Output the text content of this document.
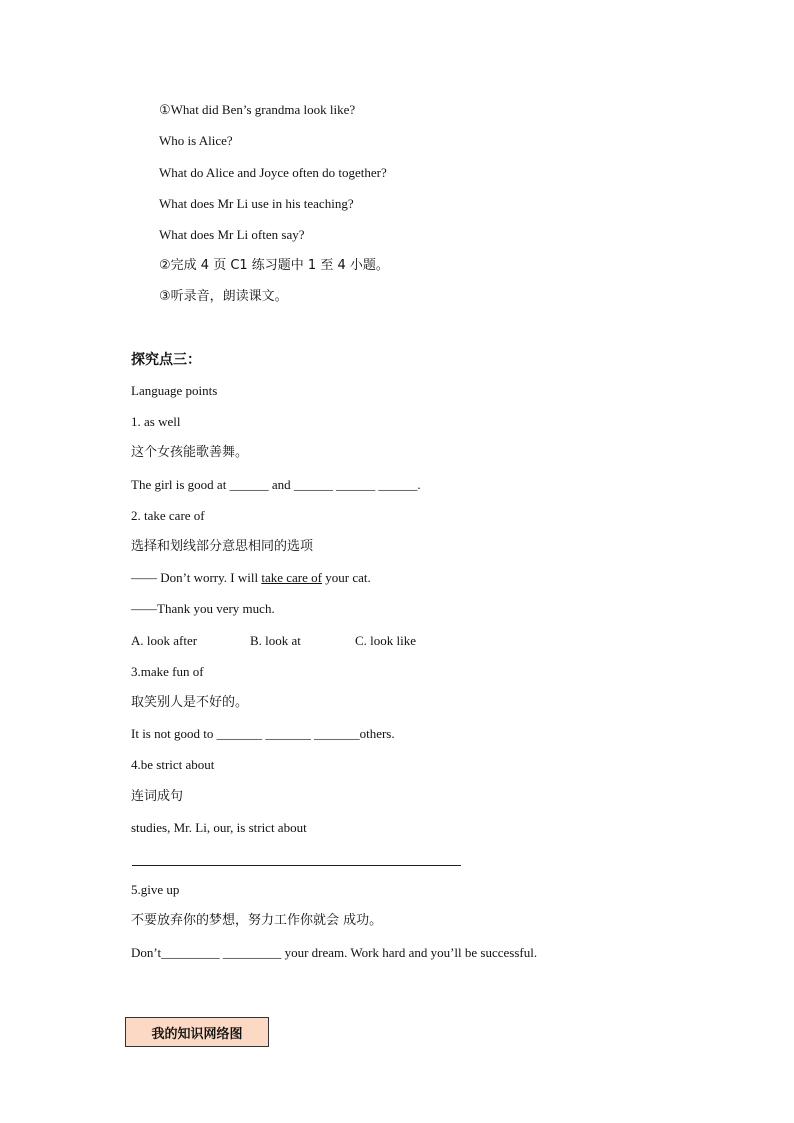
①What did Ben’s grandma look like?
Who is Alice?
What do Alice and Joyce often do together?
What does Mr Li use in his teaching?
What does Mr Li often say?
②完成 4 页 C1 练习题中 1 至 4 小题。
③听录音，朗读课文。
探究点三：
Language points
1. as well
这个女孩能歌善舞。
The girl is good at ______ and ______ ______ ______.
2. take care of
选择和划线部分意思相同的选项
—— Don’t worry. I will take care of your cat.
——Thank you very much.
A. look after	B. look at	C. look like
3.make fun of
取笑别人是不好的。
It is not good to _______ _______ _______others.
4.be strict about
连词成句
studies, Mr. Li, our, is strict about
5.give up
不要放弃你的梦想，努力工作你就会 成功。
Don’t_________ _________ your dream. Work hard and you’ll be successful.
我的知识网络图
